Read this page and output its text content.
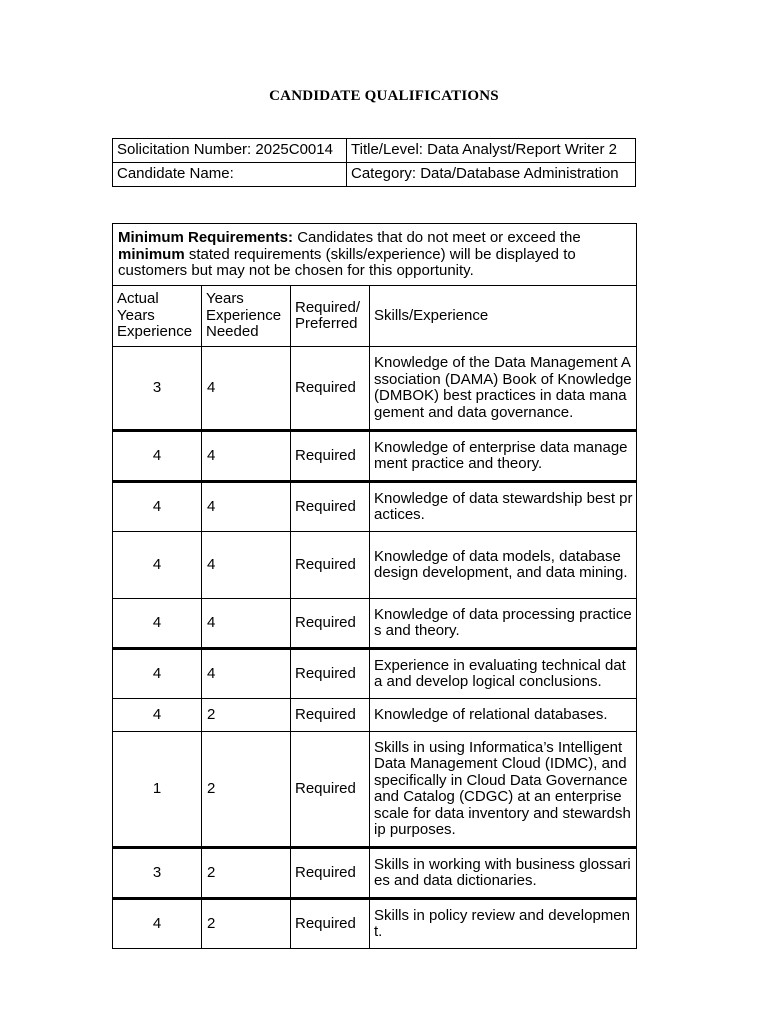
CANDIDATE QUALIFICATIONS
Solicitation Number: 2025C0014	Title/Level: Data Analyst/Report Writer 2
Candidate Name:	Category: Data/Database Administration
Minimum Requirements: Candidates that do not meet or exceed the minimum stated requirements (skills/experience) will be displayed to customers but may not be chosen for this opportunity.			
Actual Years Experience	Years Experience Needed	Required/ Preferred	Skills/Experience
3	4	Required	Knowledge of the Data Management Association (DAMA) Book of Knowledge (DMBOK) best practices in data management and data governance.
4	4	Required	Knowledge of enterprise data management practice and theory.
4	4	Required	Knowledge of data stewardship best practices.
4	4	Required	Knowledge of data models, database design development, and data mining.
4	4	Required	Knowledge of data processing practices and theory.
4	4	Required	Experience in evaluating technical data and develop logical conclusions.
4	2	Required	Knowledge of relational databases.
1	2	Required	Skills in using Informatica’s Intelligent Data Management Cloud (IDMC), and specifically in Cloud Data Governance and Catalog (CDGC) at an enterprise scale for data inventory and stewardship purposes.
3	2	Required	Skills in working with business glossaries and data dictionaries.
4	2	Required	Skills in policy review and development.
